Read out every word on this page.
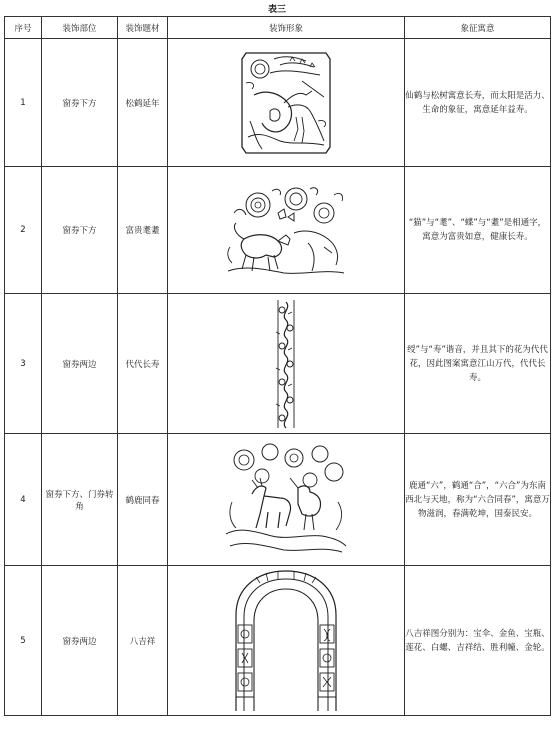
表三
序号	装饰部位	装饰题材	装饰形象	象征寓意
1	窗券下方	松鹤延年		仙鹤与松树寓意长寿，而太阳是活力、生命的象征，寓意延年益寿。
2	窗券下方	富贵耄耋		“猫”与“耄”、“蝶”与“耋”是相通字，寓意为富贵如意，健康长寿。
3	窗券两边	代代长寿		绶”与“寿”谐音，并且其下的花为代代花，因此图案寓意江山万代，代代长寿。
4	窗券下方、门券转角	鹤鹿同春		鹿通“六”，鹤通“合”，“六合”为东南西北与天地，称为“六合同春”，寓意万物滋润，春满乾坤，国泰民安。
5	窗券两边	八吉祥		八吉祥图分别为：宝伞、金鱼、宝瓶、莲花、白螺、吉祥结、胜利幢、金轮。
